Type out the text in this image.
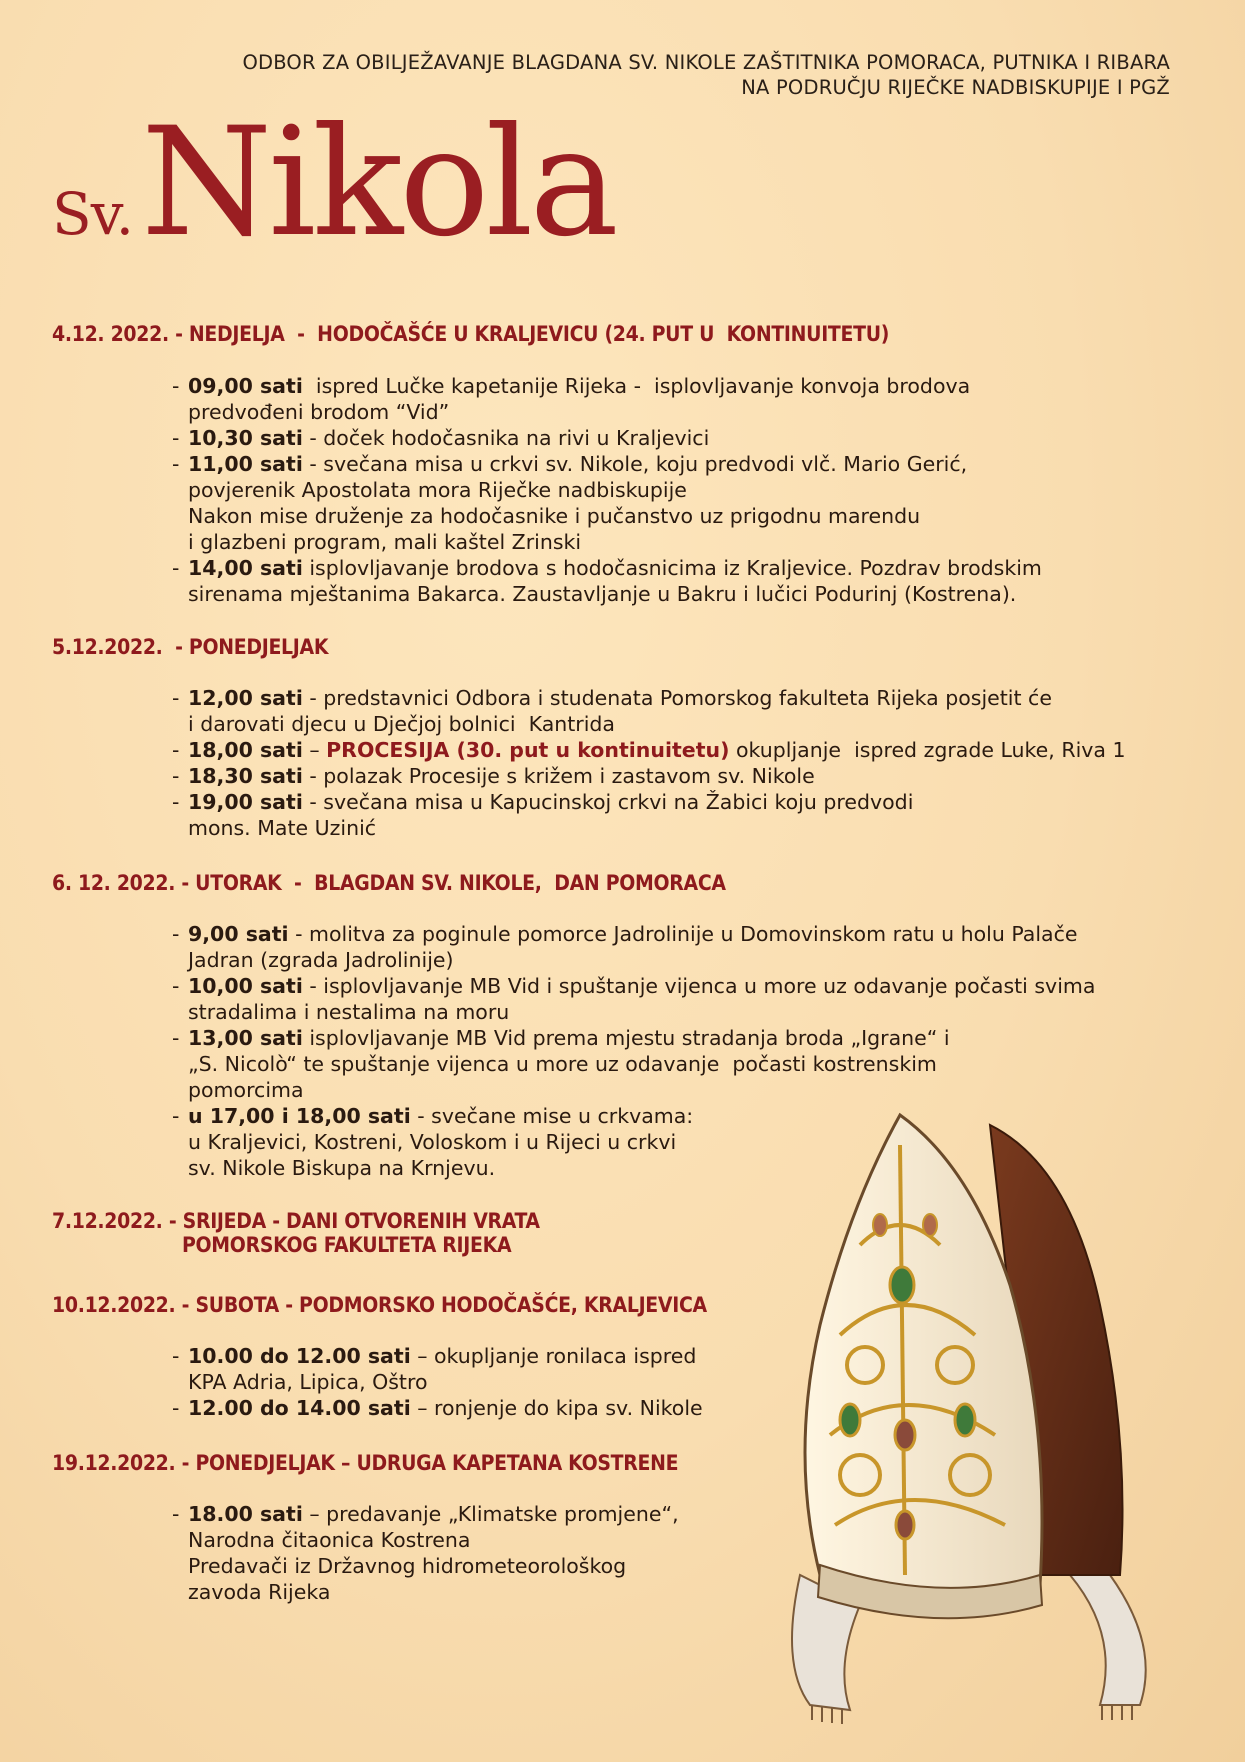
ODBOR ZA OBILJEŽAVANJE BLAGDANA SV. NIKOLE ZAŠTITNIKA POMORACA, PUTNIKA I RIBARA
NA PODRUČJU RIJEČKE NADBISKUPIJE I PGŽ
Sv.Nikola
4.12. 2022. - NEDJELJA  -  HODOČAŠĆE U KRALJEVICU (24. PUT U  KONTINUITETU)
- 09,00 sati  ispred Lučke kapetanije Rijeka -  isplovljavanje konvoja brodova
predvođeni brodom “Vid”
- 10,30 sati - doček hodočasnika na rivi u Kraljevici
- 11,00 sati - svečana misa u crkvi sv. Nikole, koju predvodi vlč. Mario Gerić,
povjerenik Apostolata mora Riječke nadbiskupije
Nakon mise druženje za hodočasnike i pučanstvo uz prigodnu marendu
i glazbeni program, mali kaštel Zrinski
- 14,00 sati isplovljavanje brodova s hodočasnicima iz Kraljevice. Pozdrav brodskim
sirenama mještanima Bakarca. Zaustavljanje u Bakru i lučici Podurinj (Kostrena).
5.12.2022.  - PONEDJELJAK
- 12,00 sati - predstavnici Odbora i studenata Pomorskog fakulteta Rijeka posjetit će
i darovati djecu u Dječjoj bolnici  Kantrida
- 18,00 sati – PROCESIJA (30. put u kontinuitetu) okupljanje  ispred zgrade Luke, Riva 1
- 18,30 sati - polazak Procesije s križem i zastavom sv. Nikole
- 19,00 sati - svečana misa u Kapucinskoj crkvi na Žabici koju predvodi
mons. Mate Uzinić
6. 12. 2022. - UTORAK  -  BLAGDAN SV. NIKOLE,  DAN POMORACA
- 9,00 sati - molitva za poginule pomorce Jadrolinije u Domovinskom ratu u holu Palače
Jadran (zgrada Jadrolinije)
- 10,00 sati - isplovljavanje MB Vid i spuštanje vijenca u more uz odavanje počasti svima
stradalima i nestalima na moru
- 13,00 sati isplovljavanje MB Vid prema mjestu stradanja broda „Igrane“ i
„S. Nicolò“ te spuštanje vijenca u more uz odavanje  počasti kostrenskim
pomorcima
- u 17,00 i 18,00 sati - svečane mise u crkvama:
u Kraljevici, Kostreni, Voloskom i u Rijeci u crkvi
sv. Nikole Biskupa na Krnjevu.
7.12.2022. - SRIJEDA - DANI OTVORENIH VRATA
POMORSKOG FAKULTETA RIJEKA
10.12.2022. - SUBOTA - PODMORSKO HODOČAŠĆE, KRALJEVICA
- 10.00 do 12.00 sati – okupljanje ronilaca ispred
KPA Adria, Lipica, Oštro
- 12.00 do 14.00 sati – ronjenje do kipa sv. Nikole
19.12.2022. - PONEDJELJAK – UDRUGA KAPETANA KOSTRENE
- 18.00 sati – predavanje „Klimatske promjene“,
Narodna čitaonica Kostrena
Predavači iz Državnog hidrometeorološkog
zavoda Rijeka
